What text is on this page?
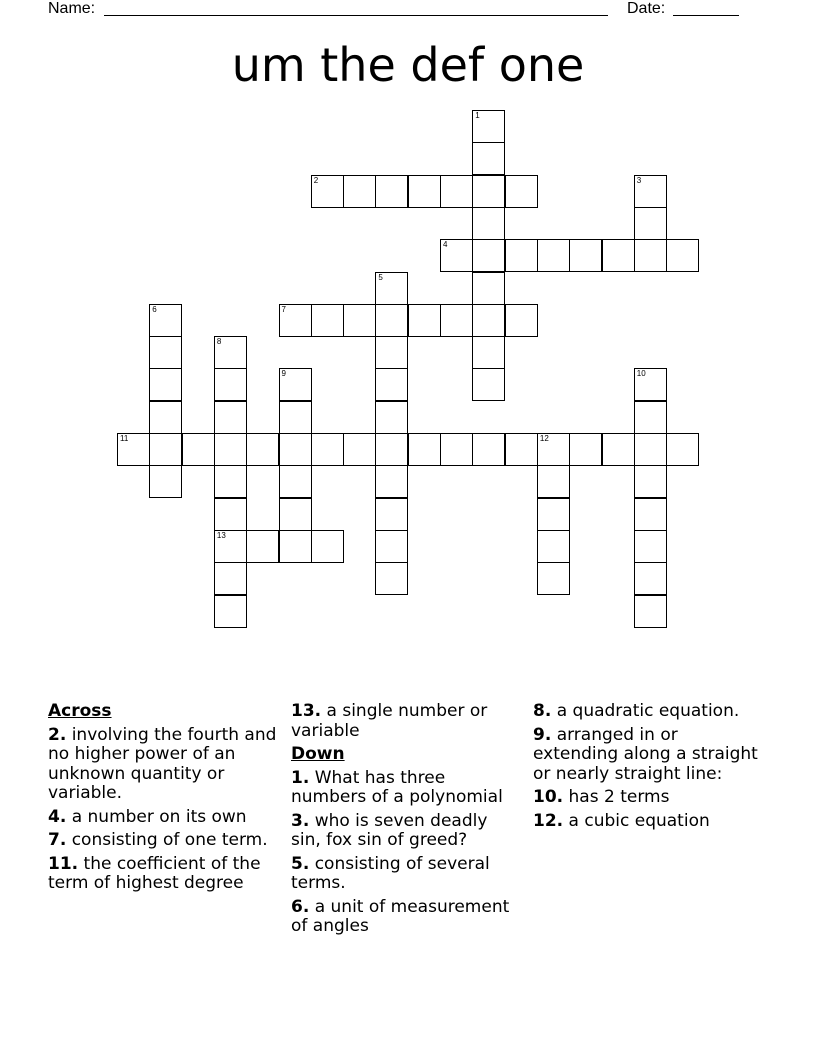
Name:	Date:
um the def one
1
2	3
4
5
6	7
8
13
9	10
11	12
Across
2. involving the fourth and no higher power of an unknown quantity or variable.
4. a number on its own
7. consisting of one term.
11. the coefficient of the term of highest degree
13. a single number or variable
Down
1. What has three numbers of a polynomial
3. who is seven deadly sin, fox sin of greed?
5. consisting of several terms.
6. a unit of measurement of angles
8. a quadratic equation.
9. arranged in or extending along a straight or nearly straight line:
10. has 2 terms
12. a cubic equation
